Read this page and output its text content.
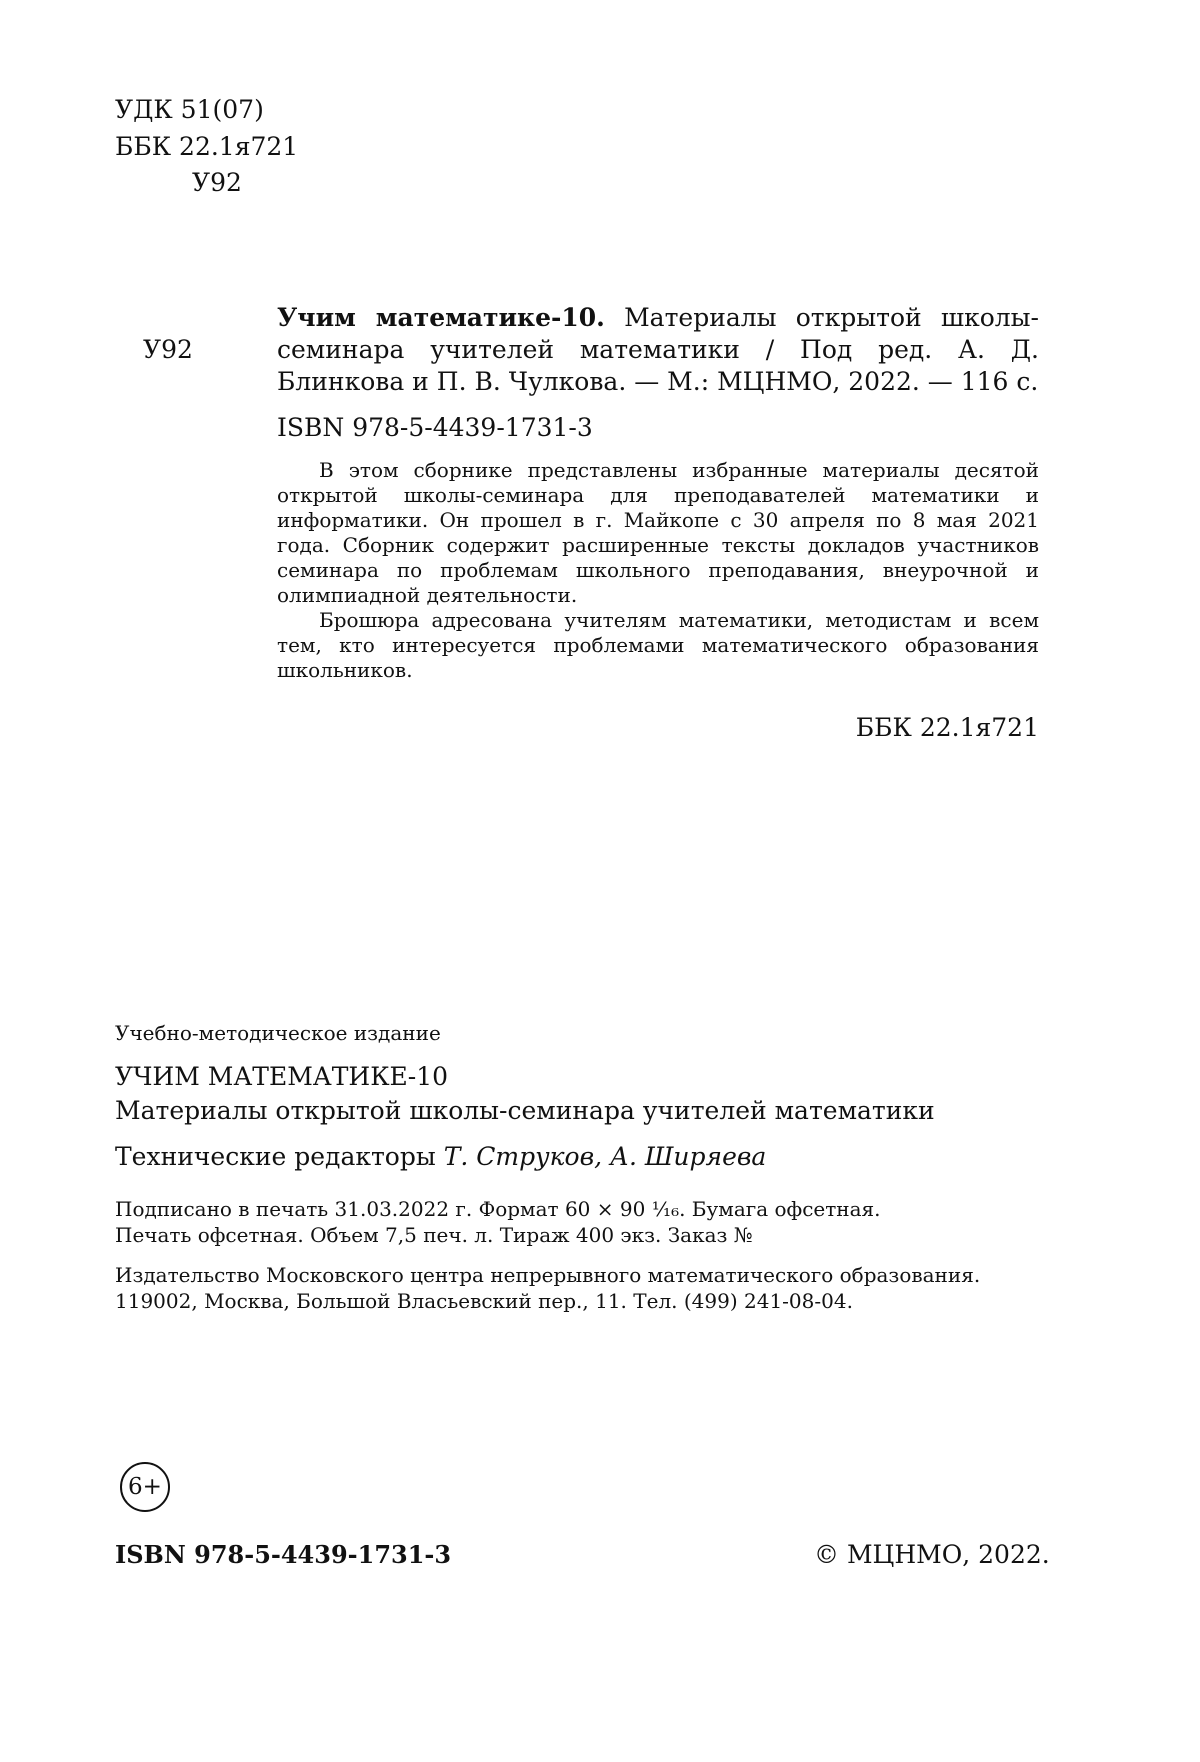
УДК 51(07)
ББК 22.1я721
У92
У92
Учим математике-10. Материалы открытой школы-семинара учителей математики / Под ред. А. Д. Блинкова и П. В. Чулкова. — М.: МЦНМО, 2022. — 116 с.
ISBN 978-5-4439-1731-3

В этом сборнике представлены избранные материалы десятой открытой школы-семинара для преподавателей математики и информатики. Он прошел в г. Майкопе с 30 апреля по 8 мая 2021 года. Сборник содержит расширенные тексты докладов участников семинара по проблемам школьного преподавания, внеурочной и олимпиадной деятельности.

Брошюра адресована учителям математики, методистам и всем тем, кто интересуется проблемами математического образования школьников.

ББК 22.1я721
Учебно-методическое издание
УЧИМ МАТЕМАТИКЕ-10
Материалы открытой школы-семинара учителей математики
Технические редакторы Т. Струков, А. Ширяева
Подписано в печать 31.03.2022 г. Формат 60 × 90 ¹⁄₁₆. Бумага офсетная.
Печать офсетная. Объем 7,5 печ. л. Тираж 400 экз. Заказ №
Издательство Московского центра непрерывного математического образования.
119002, Москва, Большой Власьевский пер., 11. Тел. (499) 241-08-04.
6+
ISBN 978-5-4439-1731-3	© МЦНМО, 2022.
